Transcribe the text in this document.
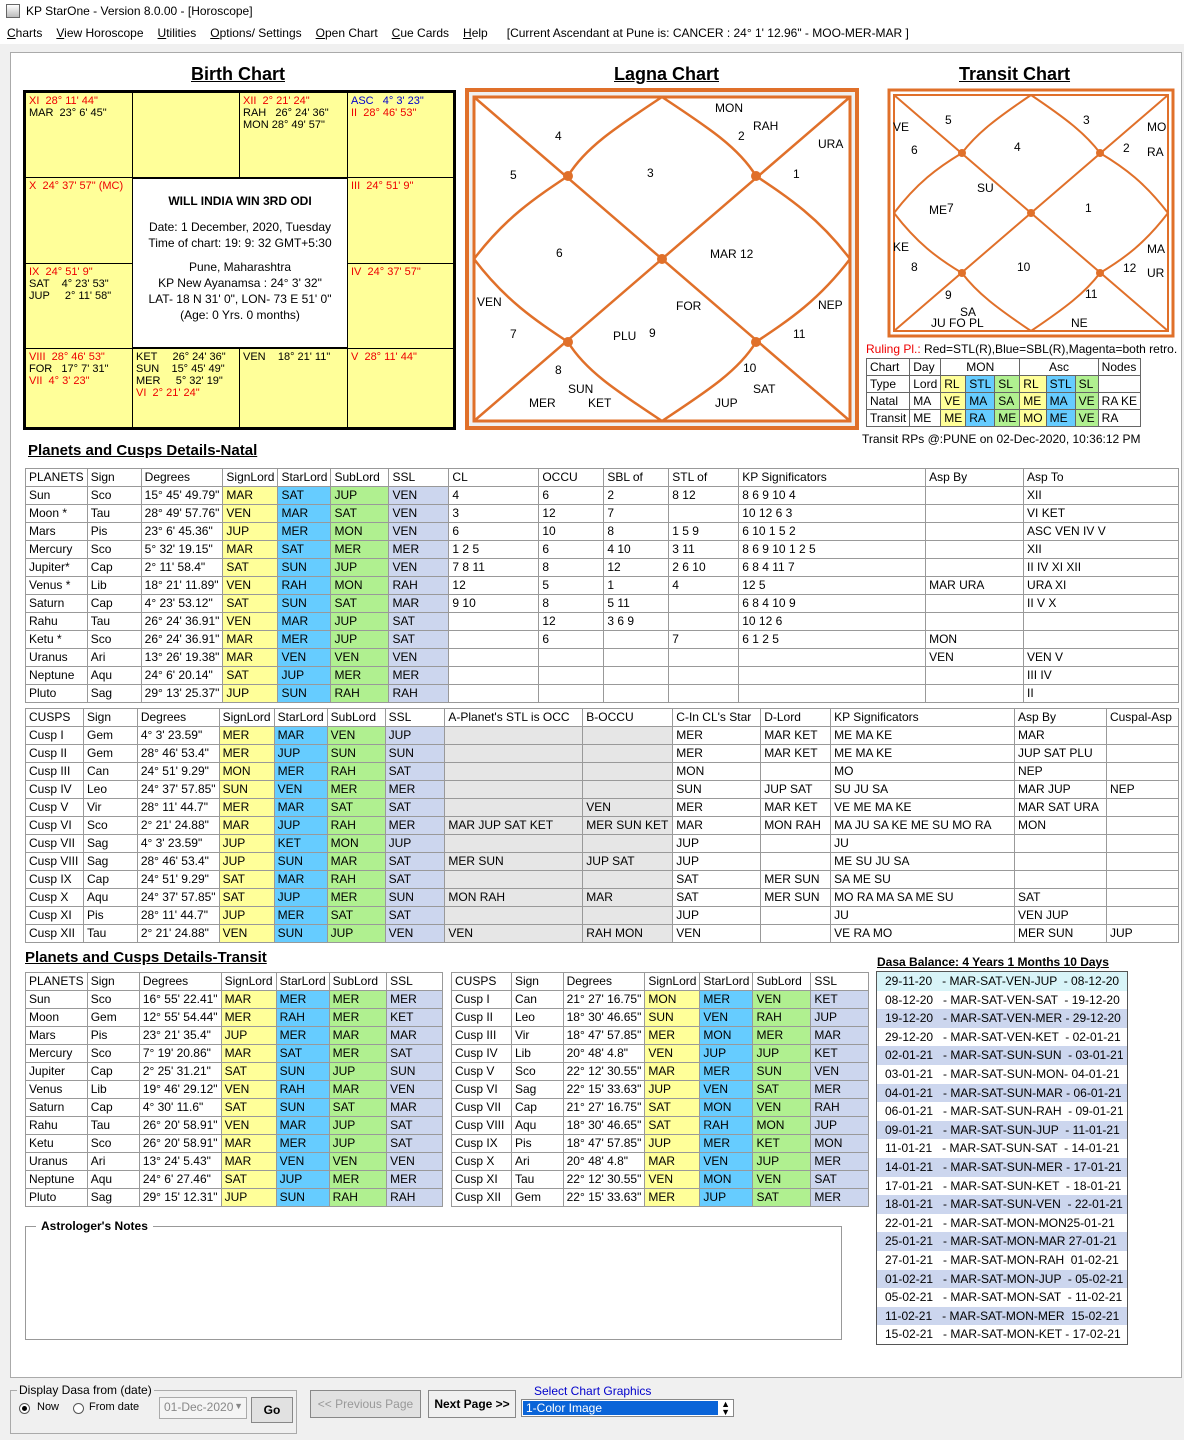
KP StarOne - Version 8.0.00 - [Horoscope]
Charts	View Horoscope	Utilities	Options/ Settings	Open Chart	Cue Cards	Help	[Current Ascendant at Pune is: CANCER : 24° 1' 12.96" - MOO-MER-MAR ]
Birth Chart
XI  28° 11' 44"
MAR  23° 6' 45"
XII  2° 21' 24"
RAH   26° 24' 36"
MON 28° 49' 57"
ASC   4° 3' 23"
II  28° 46' 53"
X  24° 37' 57" (MC)	III  24° 51' 9"
IX  24° 51' 9"
SAT    4° 23' 53"
JUP     2° 11' 58"
IV  24° 37' 57"
VIII  28° 46' 53"
FOR   17° 7' 31"
VII  4° 3' 23"
KET     26° 24' 36"
SUN    15° 45' 49"
MER     5° 32' 19"
VI  2° 21' 24"
VEN    18° 21' 11"	V  28° 11' 44"
WILL INDIA WIN 3RD ODI
Date: 1 December, 2020, Tuesday
Time of chart: 19: 9: 32 GMT+5:30
Pune, Maharashtra
KP New Ayanamsa : 24° 3' 32"
LAT- 18 N 31' 0", LON- 73 E 51' 0"
(Age: 0 Yrs. 0 months)
Lagna Chart
MON
RAH
2
URA
4
3	1
5
6	MAR 12
VEN	FOR	NEP
7	PLU 9	11
8	10
SUN	SAT
MER	KET	JUP
Transit Chart
VE	5	3	MO
6	4	2 RA
SU
ME 7	1
KE	MA
8	10	12 UR
11
9
SA
JU FO PL	NE
Ruling Pl.: Red=STL(R),Blue=SBL(R),Magenta=both retro.
Chart	Day	MON			Asc			Nodes
Type	Lord	RL	STL	SL	RL	STL	SL	
Natal	MA	VE	MA	SA	ME	MA	VE	RA KE
Transit	ME	ME	RA	ME	MO	ME	VE	RA
Transit RPs @:PUNE on 02-Dec-2020, 10:36:12 PM
Planets and Cusps Details-Natal
PLANETS	Sign	Degrees	SignLord	StarLord	SubLord	SSL	CL	OCCU	SBL of	STL of	KP Significators	Asp By	Asp To
Sun	Sco	15° 45' 49.79"	MAR	SAT	JUP	VEN	4	6	2	8 12	8 6 9 10 4		XII
Moon *	Tau	28° 49' 57.76"	VEN	MAR	SAT	VEN	3	12	7		10 12 6 3		VI KET
Mars	Pis	23° 6' 45.36"	JUP	MER	MON	VEN	6	10	8	1 5 9	6 10 1 5 2		ASC VEN IV V
Mercury	Sco	5° 32' 19.15"	MAR	SAT	MER	MER	1 2 5	6	4 10	3 11	8 6 9 10 1 2 5		XII
Jupiter*	Cap	2° 11' 58.4"	SAT	SUN	JUP	VEN	7 8 11	8	12	2 6 10	6 8 4 11 7		II IV XI XII
Venus *	Lib	18° 21' 11.89"	VEN	RAH	MON	RAH	12	5	1	4	12 5	MAR URA	URA XI
Saturn	Cap	4° 23' 53.12"	SAT	SUN	SAT	MAR	9 10	8	5 11		6 8 4 10 9		II V X
Rahu	Tau	26° 24' 36.91"	VEN	MAR	JUP	SAT		12	3 6 9		10 12 6		
Ketu *	Sco	26° 24' 36.91"	MAR	MER	JUP	SAT		6		7	6 1 2 5	MON	
Uranus	Ari	13° 26' 19.38"	MAR	VEN	VEN	VEN						VEN	VEN V
Neptune	Aqu	24° 6' 20.14"	SAT	JUP	MER	MER							III IV
Pluto	Sag	29° 13' 25.37"	JUP	SUN	RAH	RAH							II
CUSPS	Sign	Degrees	SignLord	StarLord	SubLord	SSL	A-Planet's STL is OCC	B-OCCU	C-In CL's Star	D-Lord	KP Significators	Asp By	Cuspal-Asp
Cusp I	Gem	4° 3' 23.59"	MER	MAR	VEN	JUP			MER	MAR KET	ME MA KE	MAR	
Cusp II	Gem	28° 46' 53.4"	MER	JUP	SUN	SUN			MER	MAR KET	ME MA KE	JUP SAT PLU	
Cusp III	Can	24° 51' 9.29"	MON	MER	RAH	SAT			MON		MO	NEP	
Cusp IV	Leo	24° 37' 57.85"	SUN	VEN	MER	MER			SUN	JUP SAT	SU JU SA	MAR JUP	NEP
Cusp V	Vir	28° 11' 44.7"	MER	MAR	SAT	SAT		VEN	MER	MAR KET	VE ME MA KE	MAR SAT URA	
Cusp VI	Sco	2° 21' 24.88"	MAR	JUP	RAH	MER	MAR JUP SAT KET	MER SUN KET	MAR	MON RAH	MA JU SA KE ME SU MO RA	MON	
Cusp VII	Sag	4° 3' 23.59"	JUP	KET	MON	JUP			JUP		JU		
Cusp VIII	Sag	28° 46' 53.4"	JUP	SUN	MAR	SAT	MER SUN	JUP SAT	JUP		ME SU JU SA		
Cusp IX	Cap	24° 51' 9.29"	SAT	MAR	RAH	SAT			SAT	MER SUN	SA ME SU		
Cusp X	Aqu	24° 37' 57.85"	SAT	JUP	MER	SUN	MON RAH	MAR	SAT	MER SUN	MO RA MA SA ME SU	SAT	
Cusp XI	Pis	28° 11' 44.7"	JUP	MER	SAT	SAT			JUP		JU	VEN JUP	
Cusp XII	Tau	2° 21' 24.88"	VEN	SUN	JUP	VEN	VEN	RAH MON	VEN		VE RA MO	MER SUN	JUP
Planets and Cusps Details-Transit
PLANETS	Sign	Degrees	SignLord	StarLord	SubLord	SSL
Sun	Sco	16° 55' 22.41"	MAR	MER	MER	MER
Moon	Gem	12° 55' 54.44"	MER	RAH	MER	KET
Mars	Pis	23° 21' 35.4"	JUP	MER	MAR	MAR
Mercury	Sco	7° 19' 20.86"	MAR	SAT	MER	SAT
Jupiter	Cap	2° 25' 31.21"	SAT	SUN	JUP	SUN
Venus	Lib	19° 46' 29.12"	VEN	RAH	MAR	VEN
Saturn	Cap	4° 30' 11.6"	SAT	SUN	SAT	MAR
Rahu	Tau	26° 20' 58.91"	VEN	MAR	JUP	SAT
Ketu	Sco	26° 20' 58.91"	MAR	MER	JUP	SAT
Uranus	Ari	13° 24' 5.43"	MAR	VEN	VEN	VEN
Neptune	Aqu	24° 6' 27.46"	SAT	JUP	MER	MER
Pluto	Sag	29° 15' 12.31"	JUP	SUN	RAH	RAH
CUSPS	Sign	Degrees	SignLord	StarLord	SubLord	SSL
Cusp I	Can	21° 27' 16.75"	MON	MER	VEN	KET
Cusp II	Leo	18° 30' 46.65"	SUN	VEN	RAH	JUP
Cusp III	Vir	18° 47' 57.85"	MER	MON	MER	MAR
Cusp IV	Lib	20° 48' 4.8"	VEN	JUP	JUP	KET
Cusp V	Sco	22° 12' 30.55"	MAR	MER	SUN	VEN
Cusp VI	Sag	22° 15' 33.63"	JUP	VEN	SAT	MER
Cusp VII	Cap	21° 27' 16.75"	SAT	MON	VEN	RAH
Cusp VIII	Aqu	18° 30' 46.65"	SAT	RAH	MON	JUP
Cusp IX	Pis	18° 47' 57.85"	JUP	MER	KET	MON
Cusp X	Ari	20° 48' 4.8"	MAR	VEN	JUP	MER
Cusp XI	Tau	22° 12' 30.55"	VEN	MON	VEN	SAT
Cusp XII	Gem	22° 15' 33.63"	MER	JUP	SAT	MER
Astrologer's Notes
Dasa Balance: 4 Years 1 Months 10 Days
29-11-20   - MAR-SAT-VEN-JUP  - 08-12-20
08-12-20   - MAR-SAT-VEN-SAT  - 19-12-20
19-12-20   - MAR-SAT-VEN-MER - 29-12-20
29-12-20   - MAR-SAT-VEN-KET  - 02-01-21
02-01-21   - MAR-SAT-SUN-SUN  - 03-01-21
03-01-21   - MAR-SAT-SUN-MON- 04-01-21
04-01-21   - MAR-SAT-SUN-MAR - 06-01-21
06-01-21   - MAR-SAT-SUN-RAH  - 09-01-21
09-01-21   - MAR-SAT-SUN-JUP  - 11-01-21
11-01-21   - MAR-SAT-SUN-SAT  - 14-01-21
14-01-21   - MAR-SAT-SUN-MER - 17-01-21
17-01-21   - MAR-SAT-SUN-KET  - 18-01-21
18-01-21   - MAR-SAT-SUN-VEN  - 22-01-21
22-01-21   - MAR-SAT-MON-MON25-01-21
25-01-21   - MAR-SAT-MON-MAR 27-01-21
27-01-21   - MAR-SAT-MON-RAH  01-02-21
01-02-21   - MAR-SAT-MON-JUP  - 05-02-21
05-02-21   - MAR-SAT-MON-SAT  - 11-02-21
11-02-21   - MAR-SAT-MON-MER  15-02-21
15-02-21   - MAR-SAT-MON-KET - 17-02-21
Display Dasa from (date)
Now	From date	01-Dec-2020 ▼	Go	<< Previous Page	Next Page >>
Select Chart Graphics
1-Color Image	▲
▼
